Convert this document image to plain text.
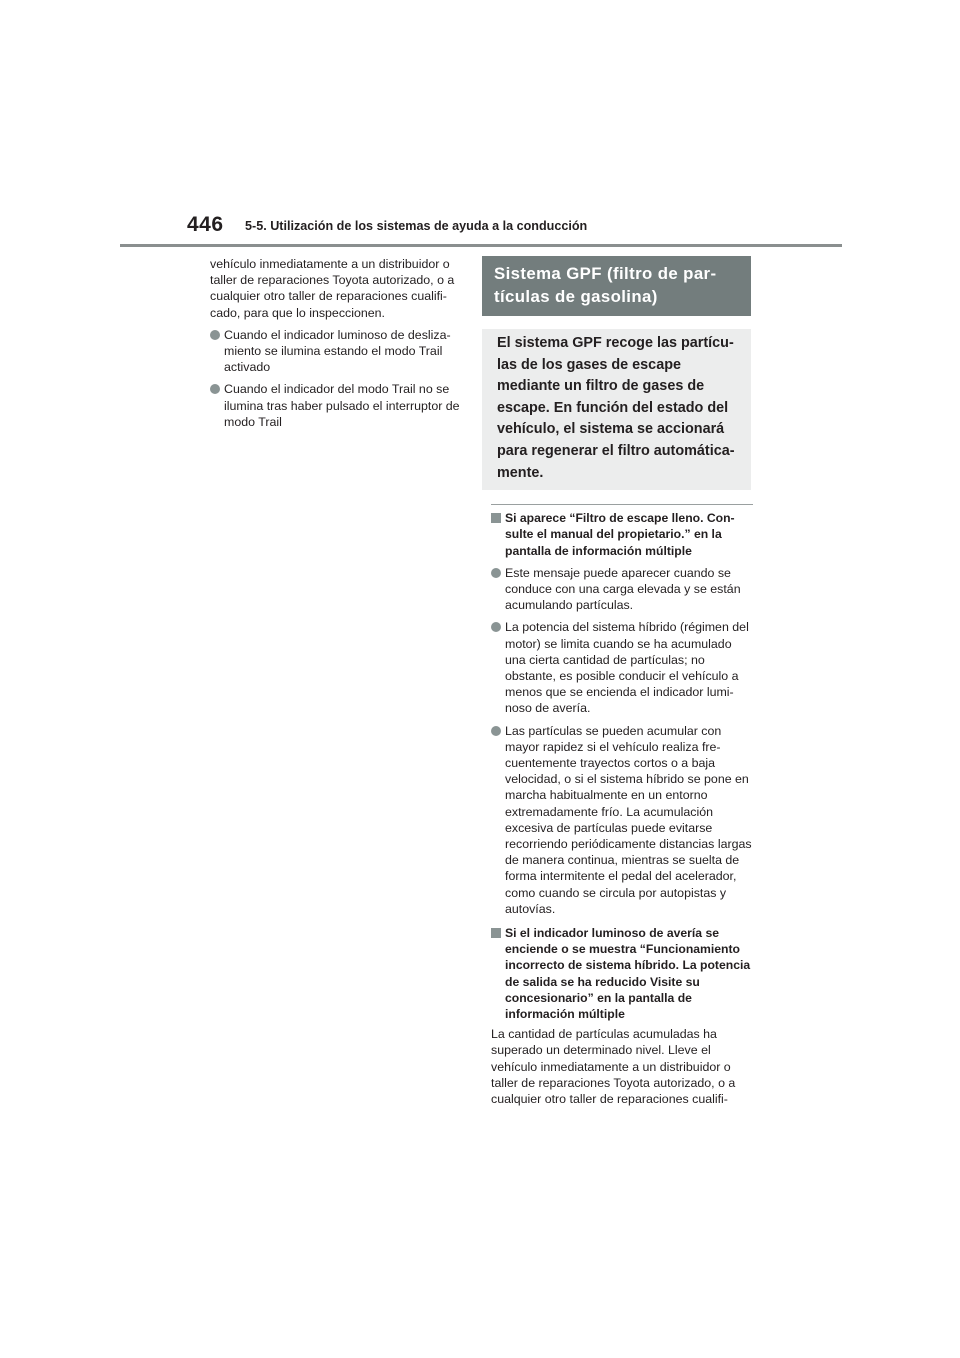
446 5-5. Utilización de los sistemas de ayuda a la conducción

vehículo inmediatamente a un distribuidor o taller de reparaciones Toyota autorizado, o a cualquier otro taller de reparaciones cualificado, para que lo inspeccionen.

Cuando el indicador luminoso de deslizamiento se ilumina estando el modo Trail activado
Cuando el indicador del modo Trail no se ilumina tras haber pulsado el interruptor de modo Trail
Sistema GPF (filtro de partículas de gasolina)
El sistema GPF recoge las partículas de los gases de escape mediante un filtro de gases de escape. En función del estado del vehículo, el sistema se accionará para regenerar el filtro automáticamente.
Si aparece “Filtro de escape lleno. Consulte el manual del propietario.” en la pantalla de información múltiple
Este mensaje puede aparecer cuando se conduce con una carga elevada y se están acumulando partículas.
La potencia del sistema híbrido (régimen del motor) se limita cuando se ha acumulado una cierta cantidad de partículas; no obstante, es posible conducir el vehículo a menos que se encienda el indicador luminoso de avería.
Las partículas se pueden acumular con mayor rapidez si el vehículo realiza frecuentemente trayectos cortos o a baja velocidad, o si el sistema híbrido se pone en marcha habitualmente en un entorno extremadamente frío. La acumulación excesiva de partículas puede evitarse recorriendo periódicamente distancias largas de manera continua, mientras se suelta de forma intermitente el pedal del acelerador, como cuando se circula por autopistas y autovías.
Si el indicador luminoso de avería se enciende o se muestra “Funcionamiento incorrecto de sistema híbrido. La potencia de salida se ha reducido Visite su concesionario” en la pantalla de información múltiple

La cantidad de partículas acumuladas ha superado un determinado nivel. Lleve el vehículo inmediatamente a un distribuidor o taller de reparaciones Toyota autorizado, o a cualquier otro taller de reparaciones cualifi-
